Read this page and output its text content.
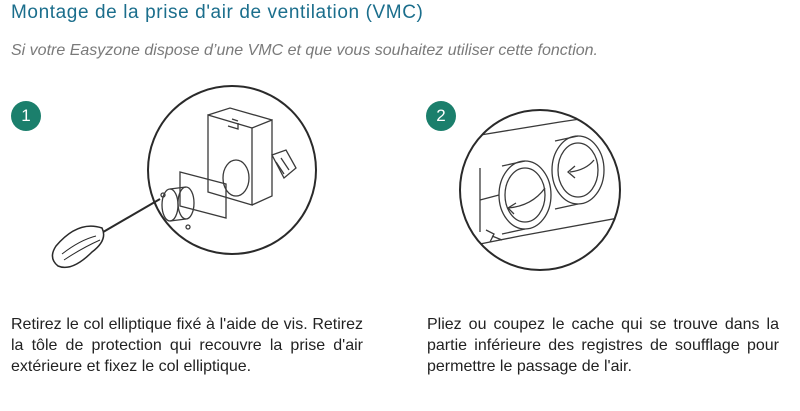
Montage de la prise d'air de ventilation (VMC)

Si votre Easyzone dispose d’une VMC et que vous souhaitez utiliser cette fonction.

1

Retirez le col elliptique fixé à l'aide de vis. Retirez la tôle de protection qui recouvre la prise d'air extérieure et fixez le col elliptique.

2

Pliez ou coupez le cache qui se trouve dans la partie inférieure des registres de soufflage pour permettre le passage de l'air.
